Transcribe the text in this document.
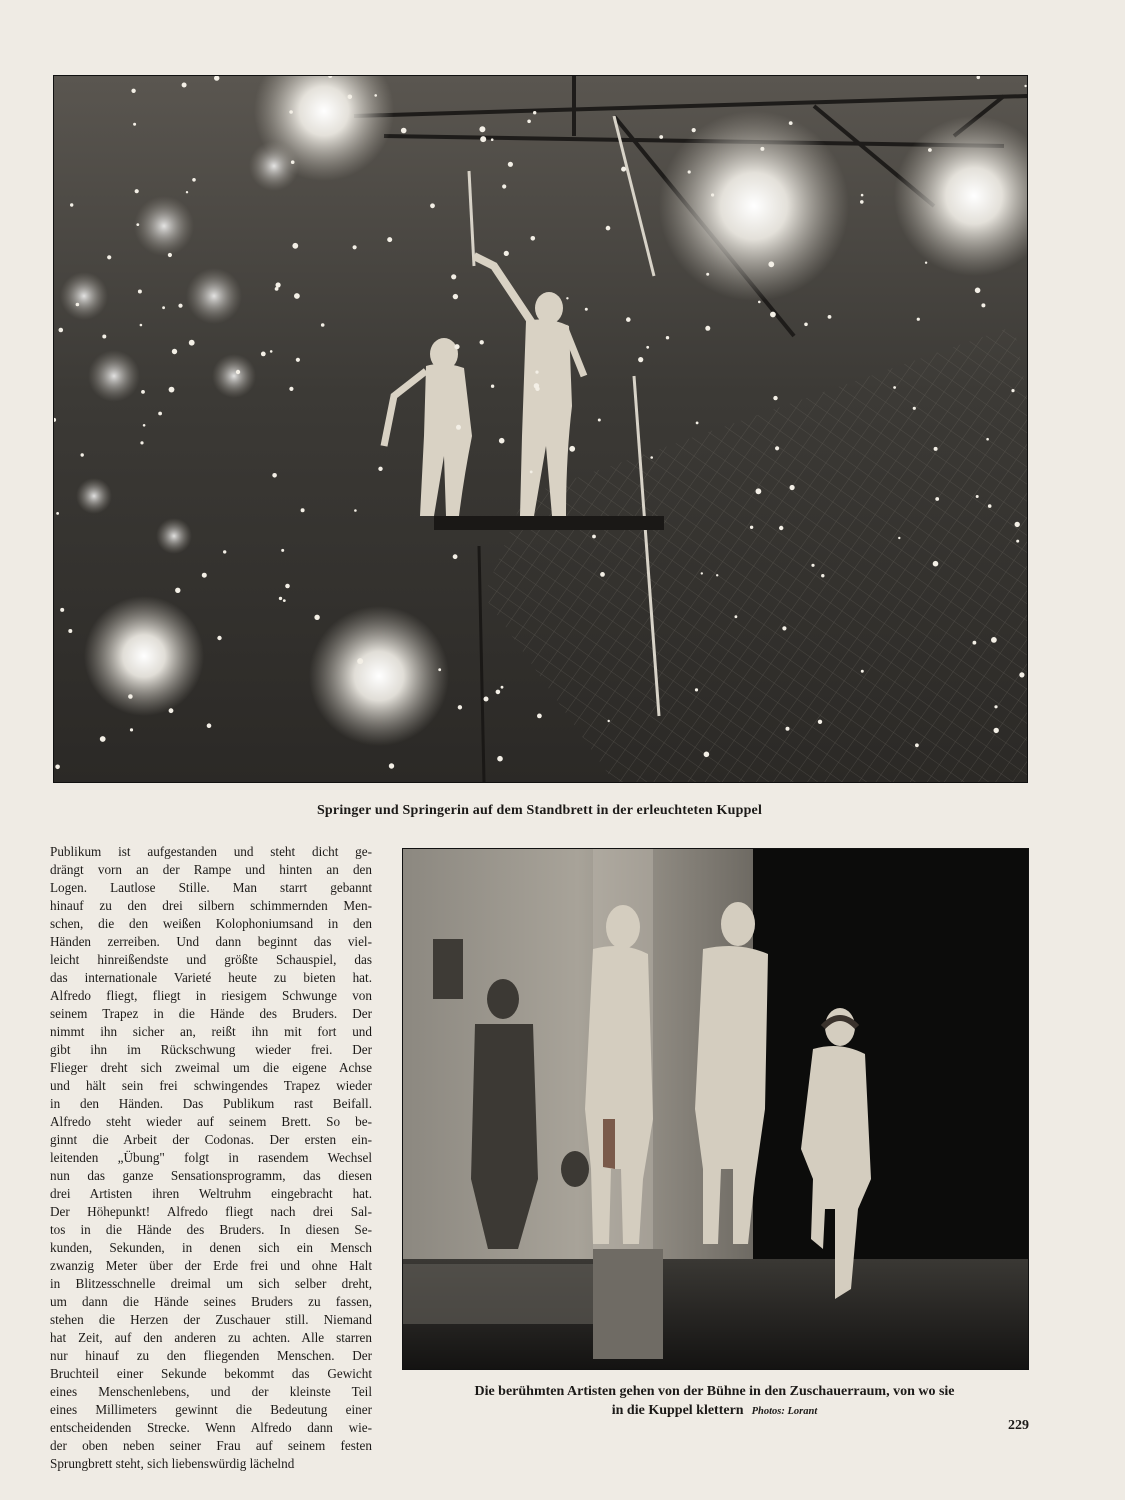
Springer und Springerin auf dem Standbrett in der erleuchteten Kuppel
Publikum ist aufgestanden und steht dicht ge-
drängt vorn an der Rampe und hinten an den
Logen. Lautlose Stille. Man starrt gebannt
hinauf zu den drei silbern schimmernden Men-
schen, die den weißen Kolophoniumsand in den
Händen zerreiben. Und dann beginnt das viel-
leicht hinreißendste und größte Schauspiel, das
das internationale Varieté heute zu bieten hat.
Alfredo fliegt, fliegt in riesigem Schwunge von
seinem Trapez in die Hände des Bruders. Der
nimmt ihn sicher an, reißt ihn mit fort und
gibt ihn im Rückschwung wieder frei. Der
Flieger dreht sich zweimal um die eigene Achse
und hält sein frei schwingendes Trapez wieder
in den Händen. Das Publikum rast Beifall.
Alfredo steht wieder auf seinem Brett. So be-
ginnt die Arbeit der Codonas. Der ersten ein-
leitenden „Übung" folgt in rasendem Wechsel
nun das ganze Sensationsprogramm, das diesen
drei Artisten ihren Weltruhm eingebracht hat.
Der Höhepunkt! Alfredo fliegt nach drei Sal-
tos in die Hände des Bruders. In diesen Se-
kunden, Sekunden, in denen sich ein Mensch
zwanzig Meter über der Erde frei und ohne Halt
in Blitzesschnelle dreimal um sich selber dreht,
um dann die Hände seines Bruders zu fassen,
stehen die Herzen der Zuschauer still. Niemand
hat Zeit, auf den anderen zu achten. Alle starren
nur hinauf zu den fliegenden Menschen. Der
Bruchteil einer Sekunde bekommt das Gewicht
eines Menschenlebens, und der kleinste Teil
eines Millimeters gewinnt die Bedeutung einer
entscheidenden Strecke. Wenn Alfredo dann wie-
der oben neben seiner Frau auf seinem festen
Sprungbrett steht, sich liebenswürdig lächelnd
Die berühmten Artisten gehen von der Bühne in den Zuschauerraum, von wo sie
in die Kuppel klettern Photos: Lorant
229
